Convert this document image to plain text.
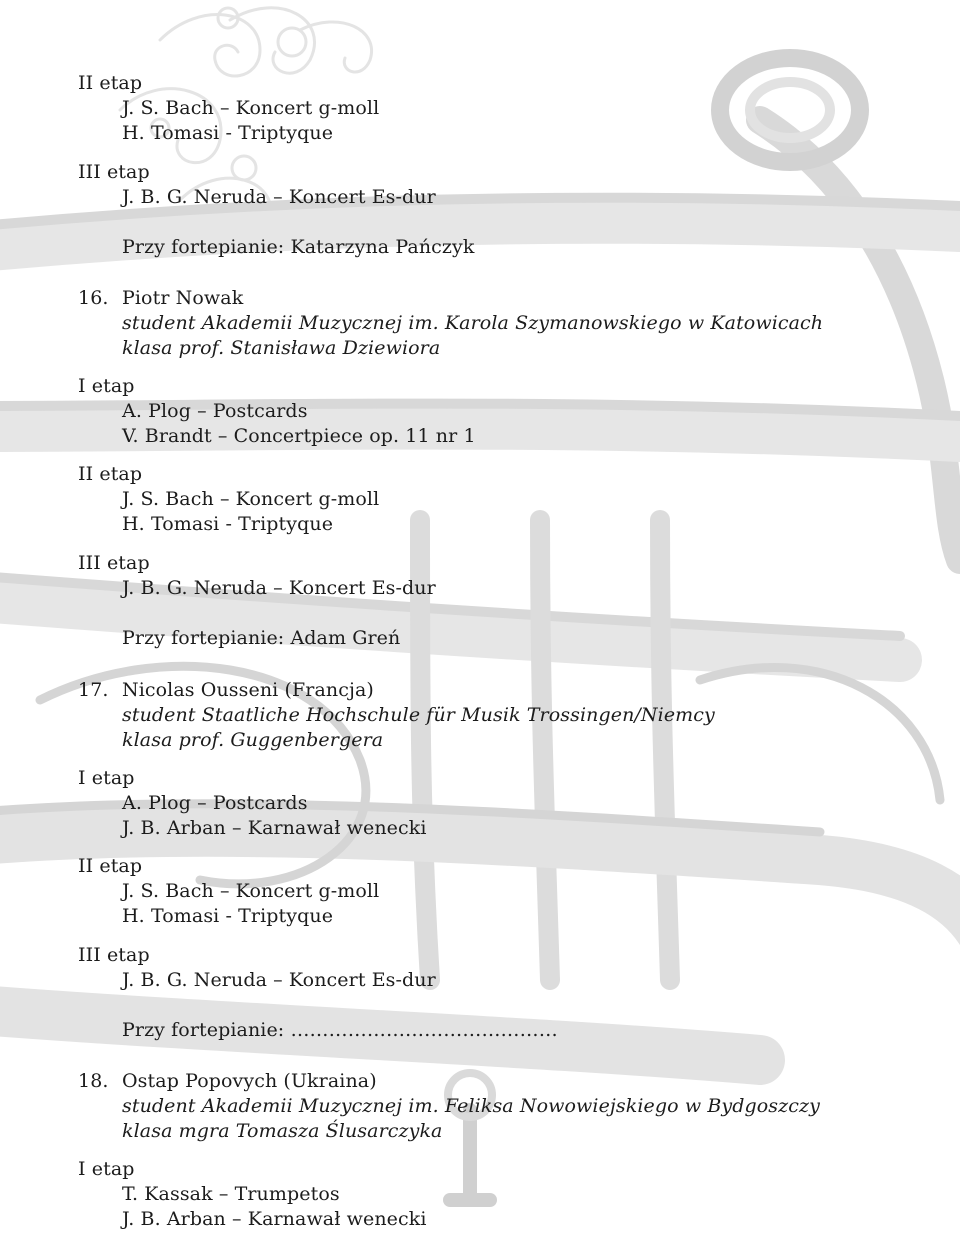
II etap
J. S. Bach – Koncert g-moll
H. Tomasi - Triptyque
III etap
J. B. G. Neruda – Koncert Es-dur
Przy fortepianie: Katarzyna Pańczyk
16. Piotr Nowak
student Akademii Muzycznej im. Karola Szymanowskiego w Katowicach
klasa prof. Stanisława Dziewiora
I etap
A. Plog – Postcards
V. Brandt – Concertpiece op. 11 nr 1
II etap
J. S. Bach – Koncert g-moll
H. Tomasi - Triptyque
III etap
J. B. G. Neruda – Koncert Es-dur
Przy fortepianie: Adam Greń
17. Nicolas Ousseni (Francja)
student Staatliche Hochschule für Musik Trossingen/Niemcy
klasa prof. Guggenbergera
I etap
A. Plog – Postcards
J. B. Arban – Karnawał wenecki
II etap
J. S. Bach – Koncert g-moll
H. Tomasi - Triptyque
III etap
J. B. G. Neruda – Koncert Es-dur
Przy fortepianie: ……………………………………
18. Ostap Popovych (Ukraina)
student Akademii Muzycznej im. Feliksa Nowowiejskiego w Bydgoszczy
klasa mgra Tomasza Ślusarczyka
I etap
T. Kassak – Trumpetos
J. B. Arban – Karnawał wenecki
